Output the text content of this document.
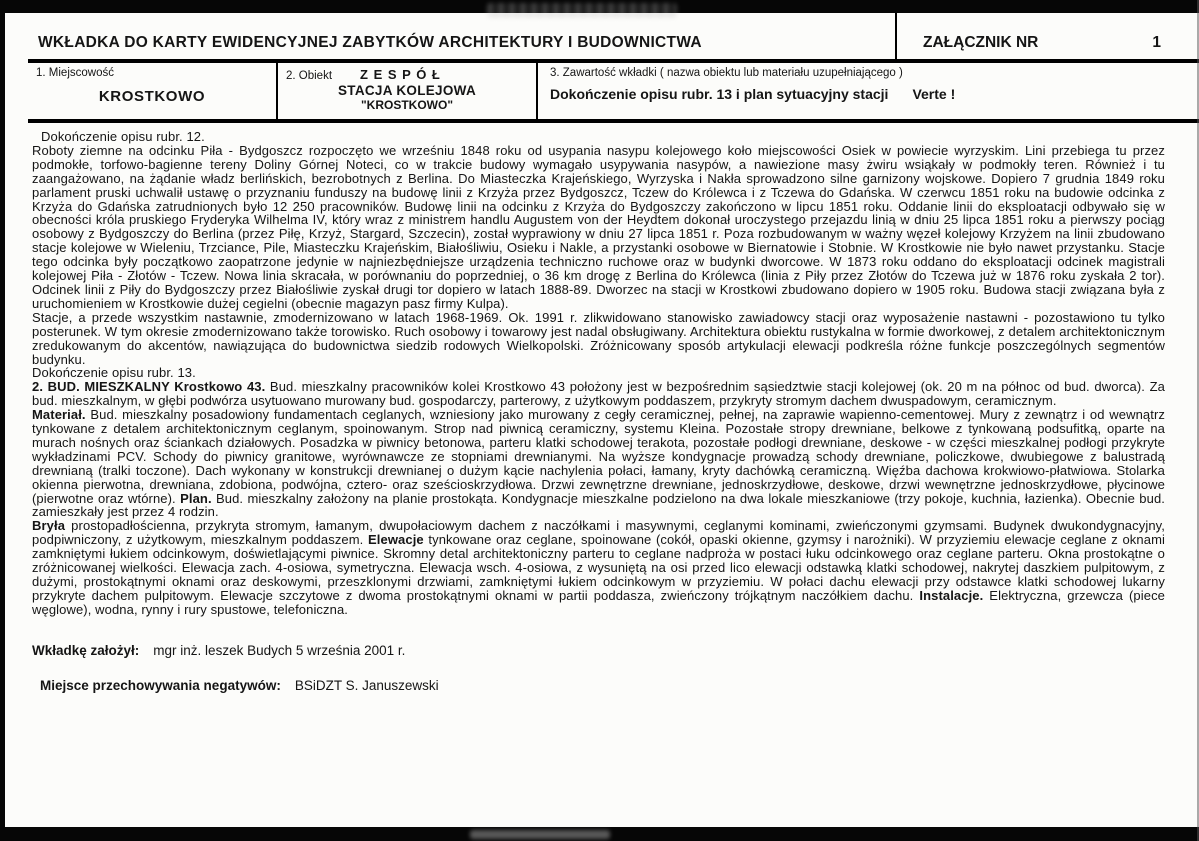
WKŁADKA DO KARTY EWIDENCYJNEJ ZABYTKÓW ARCHITEKTURY I BUDOWNICTWA	ZAŁĄCZNIK NR	1
1. Miejscowość
KROSTKOWO
2. Obiekt Z E S P Ó Ł
STACJA KOLEJOWA
"KROSTKOWO"
3. Zawartość wkładki ( nazwa obiektu lub materiału uzupełniającego )
Dokończenie opisu rubr. 13 i plan sytuacyjny stacji Verte !

Dokończenie opisu rubr. 12.

Roboty ziemne na odcinku Piła - Bydgoszcz rozpoczęto we wrześniu 1848 roku od usypania nasypu kolejowego koło miejscowości Osiek w powiecie wyrzyskim. Lini przebiega tu przez podmokłe, torfowo-bagienne tereny Doliny Górnej Noteci, co w trakcie budowy wymagało usypywania nasypów, a nawiezione masy żwiru wsiąkały w podmokły teren. Również i tu zaangażowano, na żądanie władz berlińskich, bezrobotnych z Berlina. Do Miasteczka Krajeńskiego, Wyrzyska i Nakła sprowadzono silne garnizony wojskowe. Dopiero 7 grudnia 1849 roku parlament pruski uchwalił ustawę o przyznaniu funduszy na budowę linii z Krzyża przez Bydgoszcz, Tczew do Królewca i z Tczewa do Gdańska. W czerwcu 1851 roku na budowie odcinka z Krzyża do Gdańska zatrudnionych było 12 250 pracowników. Budowę linii na odcinku z Krzyża do Bydgoszczy zakończono w lipcu 1851 roku. Oddanie linii do eksploatacji odbywało się w obecności króla pruskiego Fryderyka Wilhelma IV, który wraz z ministrem handlu Augustem von der Heydtem dokonał uroczystego przejazdu linią w dniu 25 lipca 1851 roku a pierwszy pociąg osobowy z Bydgoszczy do Berlina (przez Piłę, Krzyż, Stargard, Szczecin), został wyprawiony w dniu 27 lipca 1851 r. Poza rozbudowanym w ważny węzeł kolejowy Krzyżem na linii zbudowano stacje kolejowe w Wieleniu, Trzciance, Pile, Miasteczku Krajeńskim, Białośliwiu, Osieku i Nakle, a przystanki osobowe w Biernatowie i Stobnie. W Krostkowie nie było nawet przystanku. Stacje tego odcinka były początkowo zaopatrzone jedynie w najniezbędniejsze urządzenia techniczno ruchowe oraz w budynki dworcowe. W 1873 roku oddano do eksploatacji odcinek magistrali kolejowej Piła - Złotów - Tczew. Nowa linia skracała, w porównaniu do poprzedniej, o 36 km drogę z Berlina do Królewca (linia z Piły przez Złotów do Tczewa już w 1876 roku zyskała 2 tor). Odcinek linii z Piły do Bydgoszczy przez Białośliwie zyskał drugi tor dopiero w latach 1888-89. Dworzec na stacji w Krostkowi zbudowano dopiero w 1905 roku. Budowa stacji związana była z uruchomieniem w Krostkowie dużej cegielni (obecnie magazyn pasz firmy Kulpa).

Stacje, a przede wszystkim nastawnie, zmodernizowano w latach 1968-1969. Ok. 1991 r. zlikwidowano stanowisko zawiadowcy stacji oraz wyposażenie nastawni - pozostawiono tu tylko posterunek. W tym okresie zmodernizowano także torowisko. Ruch osobowy i towarowy jest nadal obsługiwany. Architektura obiektu rustykalna w formie dworkowej, z detalem architektonicznym zredukowanym do akcentów, nawiązująca do budownictwa siedzib rodowych Wielkopolski. Zróżnicowany sposób artykulacji elewacji podkreśla różne funkcje poszczególnych segmentów budynku.

Dokończenie opisu rubr. 13.

2. BUD. MIESZKALNY Krostkowo 43. Bud. mieszkalny pracowników kolei Krostkowo 43 położony jest w bezpośrednim sąsiedztwie stacji kolejowej (ok. 20 m na północ od bud. dworca). Za bud. mieszkalnym, w głębi podwórza usytuowano murowany bud. gospodarczy, parterowy, z użytkowym poddaszem, przykryty stromym dachem dwuspadowym, ceramicznym.

Materiał. Bud. mieszkalny posadowiony fundamentach ceglanych, wzniesiony jako murowany z cegły ceramicznej, pełnej, na zaprawie wapienno-cementowej. Mury z zewnątrz i od wewnątrz tynkowane z detalem architektonicznym ceglanym, spoinowanym. Strop nad piwnicą ceramiczny, systemu Kleina. Pozostałe stropy drewniane, belkowe z tynkowaną podsufitką, oparte na murach nośnych oraz ściankach działowych. Posadzka w piwnicy betonowa, parteru klatki schodowej terakota, pozostałe podłogi drewniane, deskowe - w części mieszkalnej podłogi przykryte wykładzinami PCV. Schody do piwnicy granitowe, wyrównawcze ze stopniami drewnianymi. Na wyższe kondygnacje prowadzą schody drewniane, policzkowe, dwubiegowe z balustradą drewnianą (tralki toczone). Dach wykonany w konstrukcji drewnianej o dużym kącie nachylenia połaci, łamany, kryty dachówką ceramiczną. Więźba dachowa krokwiowo-płatwiowa. Stolarka okienna pierwotna, drewniana, zdobiona, podwójna, cztero- oraz sześcioskrzydłowa. Drzwi zewnętrzne drewniane, jednoskrzydłowe, deskowe, drzwi wewnętrzne jednoskrzydłowe, płycinowe (pierwotne oraz wtórne). Plan. Bud. mieszkalny założony na planie prostokąta. Kondygnacje mieszkalne podzielono na dwa lokale mieszkaniowe (trzy pokoje, kuchnia, łazienka). Obecnie bud. zamieszkały jest przez 4 rodzin.

Bryła prostopadłościenna, przykryta stromym, łamanym, dwupołaciowym dachem z naczółkami i masywnymi, ceglanymi kominami, zwieńczonymi gzymsami. Budynek dwukondygnacyjny, podpiwniczony, z użytkowym, mieszkalnym poddaszem. Elewacje tynkowane oraz ceglane, spoinowane (cokół, opaski okienne, gzymsy i narożniki). W przyziemiu elewacje ceglane z oknami zamkniętymi łukiem odcinkowym, doświetlającymi piwnice. Skromny detal architektoniczny parteru to ceglane nadproża w postaci łuku odcinkowego oraz ceglane parteru. Okna prostokątne o zróżnicowanej wielkości. Elewacja zach. 4-osiowa, symetryczna. Elewacja wsch. 4-osiowa, z wysuniętą na osi przed lico elewacji odstawką klatki schodowej, nakrytej daszkiem pulpitowym, z dużymi, prostokątnymi oknami oraz deskowymi, przeszklonymi drzwiami, zamkniętymi łukiem odcinkowym w przyziemiu. W połaci dachu elewacji przy odstawce klatki schodowej lukarny przykryte dachem pulpitowym. Elewacje szczytowe z dwoma prostokątnymi oknami w partii poddasza, zwieńczony trójkątnym naczółkiem dachu. Instalacje. Elektryczna, grzewcza (piece węglowe), wodna, rynny i rury spustowe, telefoniczna.

Wkładkę założył: mgr inż. leszek Budych 5 września 2001 r.

Miejsce przechowywania negatywów: BSiDZT S. Januszewski
